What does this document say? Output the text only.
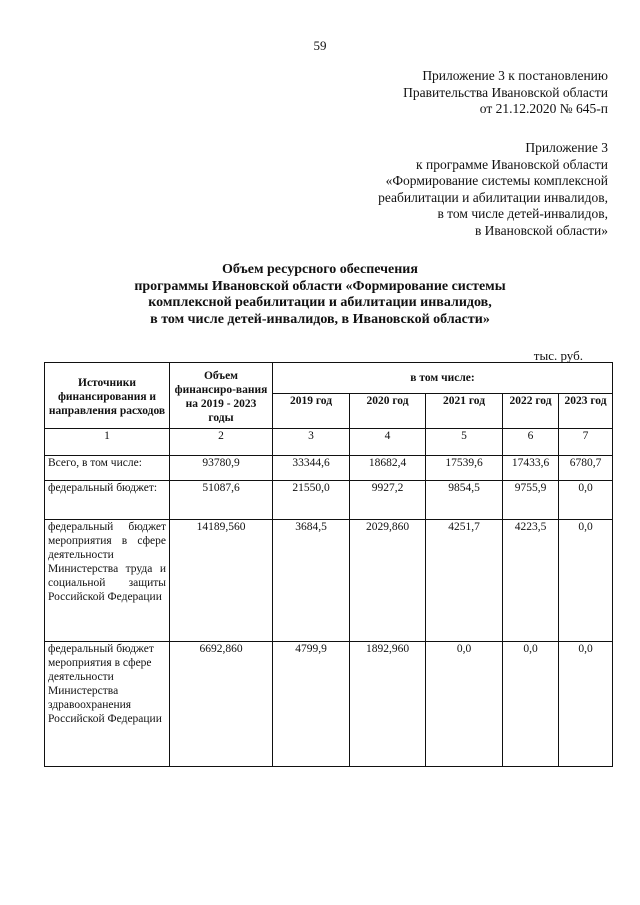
59
Приложение 3 к постановлению
Правительства Ивановской области
от 21.12.2020 № 645-п
Приложение 3
к программе Ивановской области
«Формирование системы комплексной
реабилитации и абилитации инвалидов,
в том числе детей-инвалидов,
в Ивановской области»
Объем ресурсного обеспечения
программы Ивановской области «Формирование системы
комплексной реабилитации и абилитации инвалидов,
в том числе детей-инвалидов, в Ивановской области»
тыс. руб.
Источники финансирования и направления расходов	Объем финансиро-вания на 2019 - 2023 годы	в том числе:				
		2019 год	2020 год	2021 год	2022 год	2023 год
1	2	3	4	5	6	7
Всего, в том числе:	93780,9	33344,6	18682,4	17539,6	17433,6	6780,7
федеральный бюджет:	51087,6	21550,0	9927,2	9854,5	9755,9	0,0
федеральный бюджет мероприятия в сфере деятельности Министерства труда и социальной защиты Российской Федерации	14189,560	3684,5	2029,860	4251,7	4223,5	0,0
федеральный бюджет мероприятия в сфере деятельности Министерства здравоохранения Российской Федерации	6692,860	4799,9	1892,960	0,0	0,0	0,0
